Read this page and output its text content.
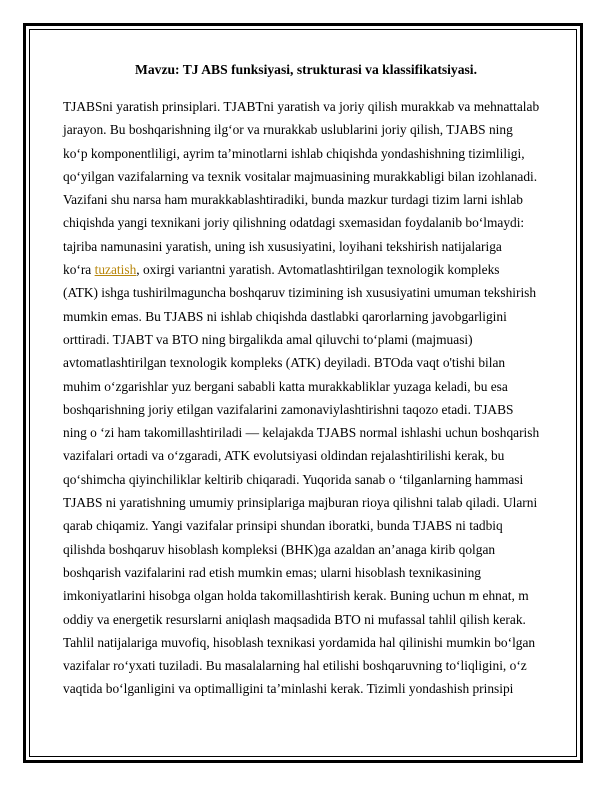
Mavzu: TJ ABS funksiyasi, strukturasi va klassifikatsiyasi.
TJABSni yaratish prinsiplari. TJABTni yaratish va joriy qilish murakkab va mehnattalab
jarayon. Bu boshqarishning ilg‘or va rnurakkab uslublarini joriy qilish, TJABS ning
ko‘p komponentliligi, ayrim ta’minotlarni ishlab chiqishda yondashishning tizimliligi,
qo‘yilgan vazifalarning va texnik vositalar majmuasining murakkabligi bilan izohlanadi.
Vazifani shu narsa ham murakkablashtiradiki, bunda mazkur turdagi tizim larni ishlab
chiqishda yangi texnikani joriy qilishning odatdagi sxemasidan foydalanib bo‘lmaydi:
tajriba namunasini yaratish, uning ish xususiyatini, loyihani tekshirish natijalariga
ko‘ra tuzatish, oxirgi variantni yaratish. Avtomatlashtirilgan texnologik kompleks
(ATK) ishga tushirilmaguncha boshqaruv tizimining ish xususiyatini umuman tekshirish
mumkin emas. Bu TJABS ni ishlab chiqishda dastlabki qarorlarning javobgarligini
orttiradi. TJABT va BTO ning birgalikda amal qiluvchi to‘plami (majmuasi)
avtomatlashtirilgan texnologik kompleks (ATK) deyiladi. BTOda vaqt o'tishi bilan
muhim o‘zgarishlar yuz bergani sababli katta murakkabliklar yuzaga keladi, bu esa
boshqarishning joriy etilgan vazifalarini zamonaviylashtirishni taqozo etadi. TJABS
ning o ‘zi ham takomillashtiriladi — kelajakda TJABS normal ishlashi uchun boshqarish
vazifalari ortadi va o‘zgaradi, ATK evolutsiyasi oldindan rejalashtirilishi kerak, bu
qo‘shimcha qiyinchiliklar keltirib chiqaradi. Yuqorida sanab o ‘tilganlarning hammasi
TJABS ni yaratishning umumiy prinsiplariga majburan rioya qilishni talab qiladi. Ularni
qarab chiqamiz. Yangi vazifalar prinsipi shundan iboratki, bunda TJABS ni tadbiq
qilishda boshqaruv hisoblash kompleksi (BHK)ga azaldan an’anaga kirib qolgan
boshqarish vazifalarini rad etish mumkin emas; ularni hisoblash texnikasining
imkoniyatlarini hisobga olgan holda takomillashtirish kerak. Buning uchun m ehnat, m
oddiy va energetik resurslarni aniqlash maqsadida BTO ni mufassal tahlil qilish kerak.
Tahlil natijalariga muvofiq, hisoblash texnikasi yordamida hal qilinishi mumkin bo‘lgan
vazifalar ro‘yxati tuziladi. Bu masalalarning hal etilishi boshqaruvning to‘liqligini, o‘z
vaqtida bo‘lganligini va optimalligini ta’minlashi kerak. Tizimli yondashish prinsipi
